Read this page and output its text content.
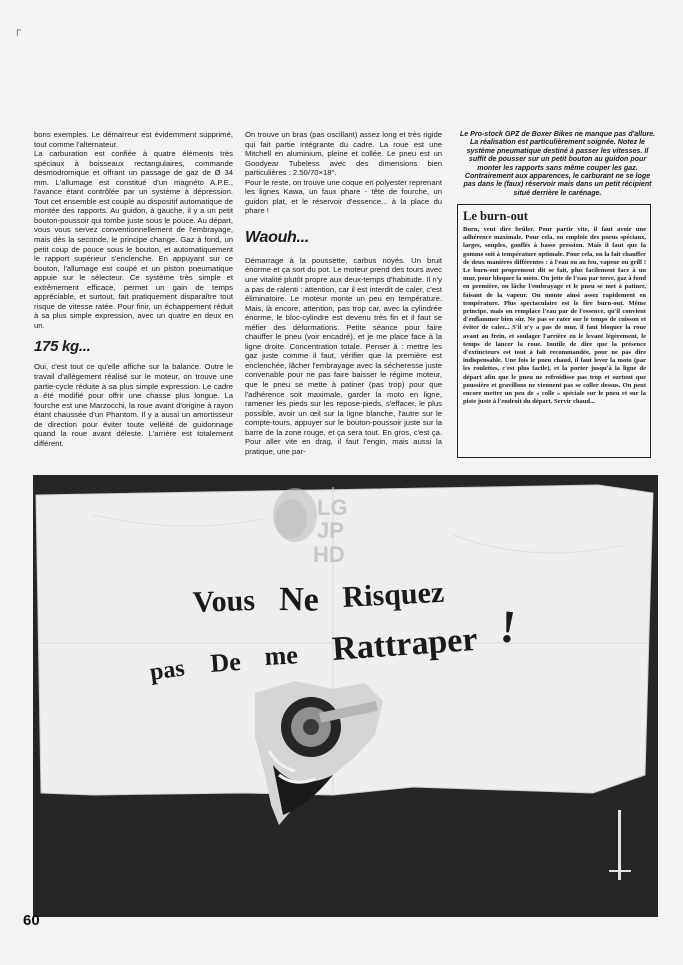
ᒥ

bons exemples. Le démarreur est évidemment supprimé, tout comme l'alternateur.

La carburation est confiée à quatre éléments très spéciaux à boisseaux rectangulaires, commande desmodromique et offrant un passage de gaz de Ø 34 mm. L'allumage est constitué d'un magnéto A.P.E., l'avance étant contrôlée par un système à dépression. Tout cet ensemble est couplé au dispositif automatique de montée des rapports. Au guidon, à gauche, il y a un petit bouton-poussoir qui tombe juste sous le pouce. Au départ, vous vous servez conventionnellement de l'embrayage, mais dès la seconde, le principe change. Gaz à fond, un petit coup de pouce sous le bouton, et automatiquement le rapport supérieur s'enclenche. En appuyant sur ce bouton, l'allumage est coupé et un piston pneumatique appuie sur le sélecteur. Ce système très simple et extrêmement efficace, permet un gain de temps appréciable, et surtout, fait pratiquement disparaître tout risque de vitesse ratée. Pour finir, un échappement réduit à sa plus simple expression, avec un quatre en deux en un.

175 kg...

Oui, c'est tout ce qu'elle affiche sur la balance. Outre le travail d'allègement réalisé sur le moteur, on trouve une partie-cycle réduite à sa plus simple expression. Le cadre a été modifié pour offrir une chasse plus longue. La fourche est une Marzocchi, la roue avant d'origine à rayon étant chaussée d'un Phantom. Il y a aussi un amortisseur de direction pour éviter toute velléité de guidonnage quand la roue avant déleste. L'arrière est totalement différent.

On trouve un bras (pas oscillant) assez long et très rigide qui fait partie intégrante du cadre. La roue est une Mitchell en aluminium, pleine et collée. Le pneu est un Goodyear Tubeless avec des dimensions bien particulières : 2.50/70×18".

Pour le reste, on trouve une coque en polyester reprenant les lignes Kawa, un faux phare - tête de fourche, un guidon plat, et le réservoir d'essence... à la place du phare !

Waouh...

Démarrage à la poussette, carbus noyés. Un bruit énorme et ça sort du pot. Le moteur prend des tours avec une vitalité plutôt propre aux deux-temps d'habitude. Il n'y a pas de ralenti : attention, car il est interdit de caler, c'est éliminatoire. Le moteur monte un peu en température. Mais, là encore, attention, pas trop car, avec la cylindrée énorme, le bloc-cylindre est devenu très fin et il faut se méfier des déformations. Petite séance pour faire chauffer le pneu (voir encadré), et je me place face à la ligne droite. Concentration totale. Penser à : mettre les gaz juste comme il faut, vérifier que la première est enclenchée, lâcher l'embrayage avec la sécheresse juste convenable pour ne pas faire baisser le régime moteur, que le pneu se mette à patiner (pas trop) pour que l'adhérence soit maximale, garder la moto en ligne, ramener les pieds sur les repose-pieds, s'effacer, le plus possible, avoir un œil sur la ligne blanche, l'autre sur le compte-tours, appuyer sur le bouton-poussoir juste sur la barre de la zone rouge, et ça sera tout. En gros, c'est ça. Pour aller vite en drag, il faut l'engin, mais aussi la pratique, une par-

Le Pro-stock GPZ de Boxer Bikes ne manque pas d'allure. La réalisation est particulièrement soignée. Notez le système pneumatique destiné à passer les vitesses. Il suffit de pousser sur un petit bouton au guidon pour monter les rapports sans même couper les gaz. Contrairement aux apparences, le carburant ne se loge pas dans le (faux) réservoir mais dans un petit récipient situé derrière le carénage.

Le burn-out

Burn, veut dire brûler. Pour partir vite, il faut avoir une adhérence maximale. Pour cela, on emploie des pneus spéciaux, larges, souples, gonflés à basse pression. Mais il faut que la gomme soit à température optimale. Pour cela, on la fait chauffer de deux manières différentes : à l'eau ou au feu, vapeur ou grill ! Le burn-out proprement dit se fait, plus facilement face à un mur, pour bloquer la moto. On jette de l'eau par terre, gaz à fond en première, on lâche l'embrayage et le pneu se met à patiner, faisant de la vapeur. On monte ainsi assez rapidement en température. Plus spectaculaire est le fire burn-out. Même principe, mais on remplace l'eau par de l'essence, qu'il convient d'enflammer bien sûr. Ne pas se rater sur le temps de cuisson et éviter de caler... S'il n'y a pas de mur, il faut bloquer la roue avant au frein, et soulager l'arrière en le levant légèrement, le temps de lancer la roue. Inutile de dire que la présence d'extincteurs est tout à fait recommandée, pour ne pas dire indispensable. Une fois le pneu chaud, il faut lever la moto (par les roulettes, c'est plus facile), et la porter jusqu'à la ligne de départ afin que le pneu ne refroidisse pas trop et surtout que poussière et gravillons ne viennent pas se coller dessus. On peut encore mettre un peu de « colle » spéciale sur le pneu et sur la piste juste à l'endroit du départ. Servir chaud...

LG
JP
HD
Vous Ne Risquez
pas De me Rattraper !
60
